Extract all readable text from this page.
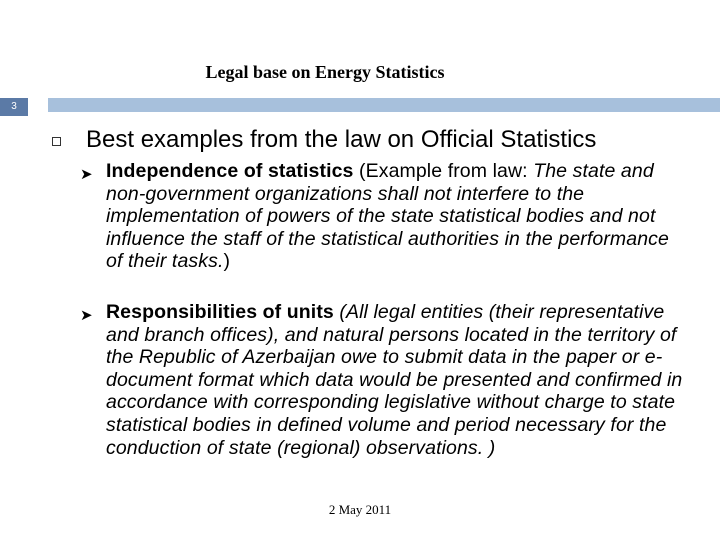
Legal base on Energy Statistics
3
Best examples from the law on Official Statistics
➤ Independence of statistics (Example from law: The state and non-government organizations shall not interfere to the implementation of powers of the state statistical bodies and not influence the staff of the statistical authorities in the performance of their tasks.)
➤ Responsibilities of units (All legal entities (their representative and branch offices), and natural persons located in the territory of the Republic of Azerbaijan owe to submit data in the paper or e-document format which data would be presented and confirmed in accordance with corresponding legislative without charge to state statistical bodies in defined volume and period necessary for the conduction of state (regional) observations. )
2 May 2011
